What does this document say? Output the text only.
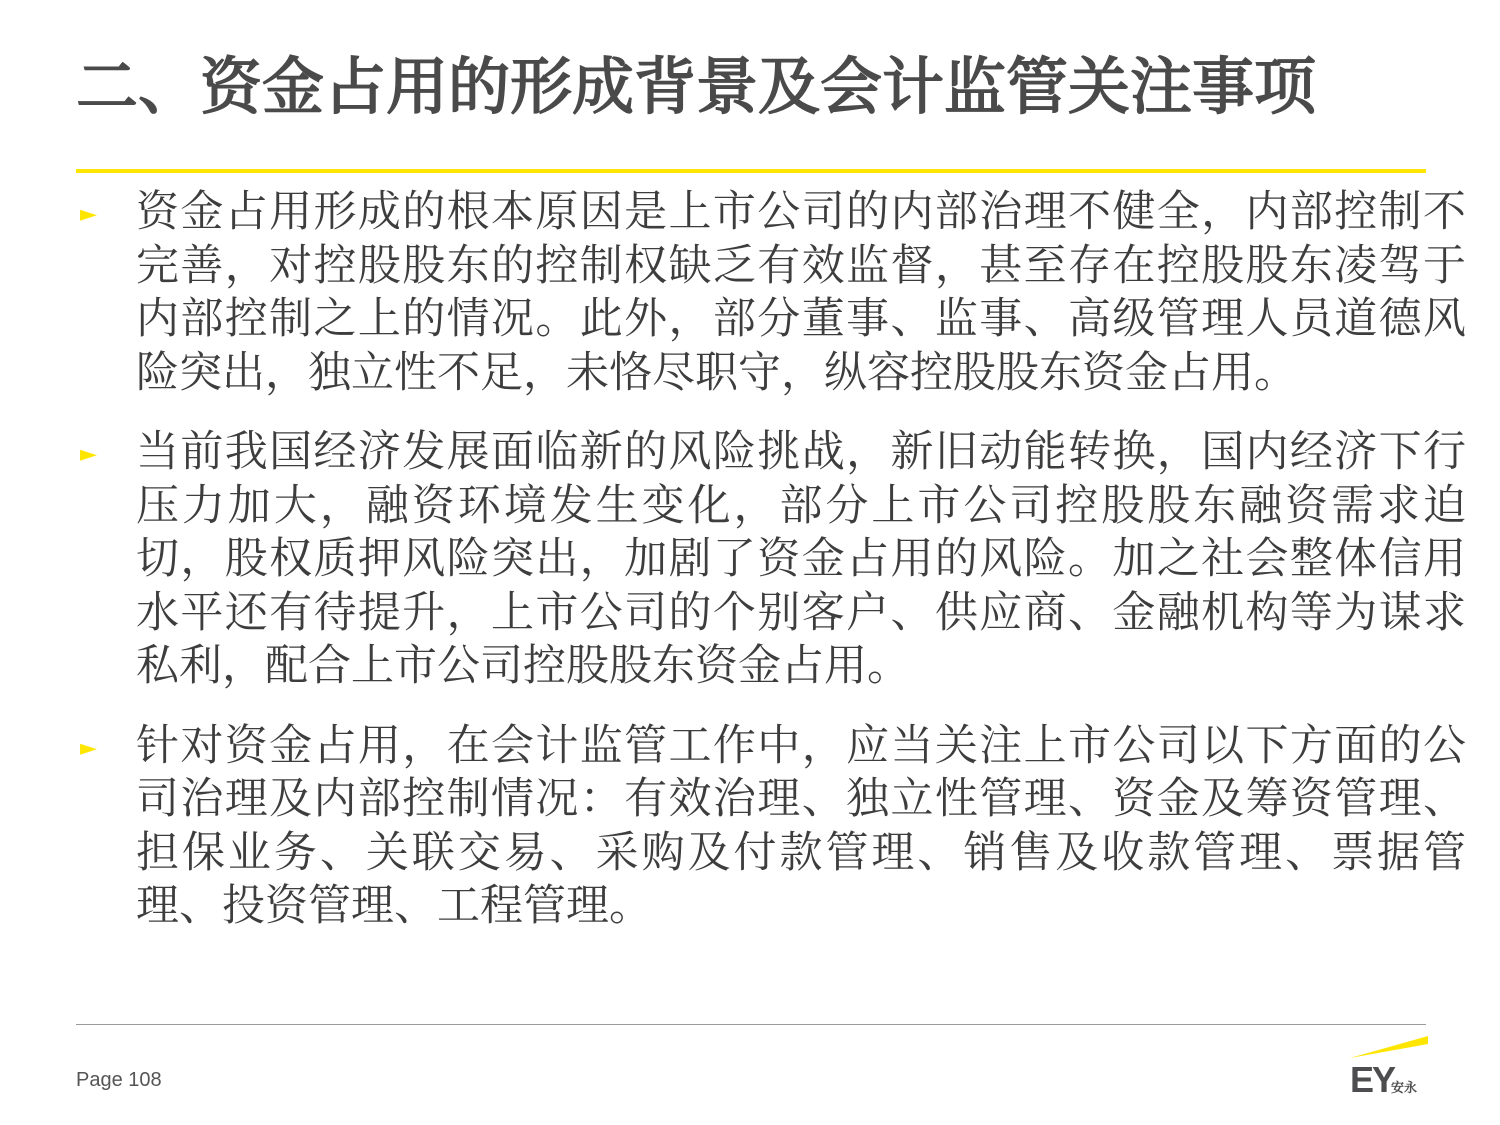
二、资金占用的形成背景及会计监管关注事项
► 资金占用形成的根本原因是上市公司的内部治理不健全，内部控制不完善，对控股股东的控制权缺乏有效监督，甚至存在控股股东凌驾于内部控制之上的情况。此外，部分董事、监事、高级管理人员道德风险突出，独立性不足，未恪尽职守，纵容控股股东资金占用。
► 当前我国经济发展面临新的风险挑战，新旧动能转换，国内经济下行压力加大，融资环境发生变化，部分上市公司控股股东融资需求迫切，股权质押风险突出，加剧了资金占用的风险。加之社会整体信用水平还有待提升，上市公司的个别客户、供应商、金融机构等为谋求私利，配合上市公司控股股东资金占用。
► 针对资金占用，在会计监管工作中，应当关注上市公司以下方面的公司治理及内部控制情况：有效治理、独立性管理、资金及筹资管理、担保业务、关联交易、采购及付款管理、销售及收款管理、票据管理、投资管理、工程管理。
Page 108	EY
安永
